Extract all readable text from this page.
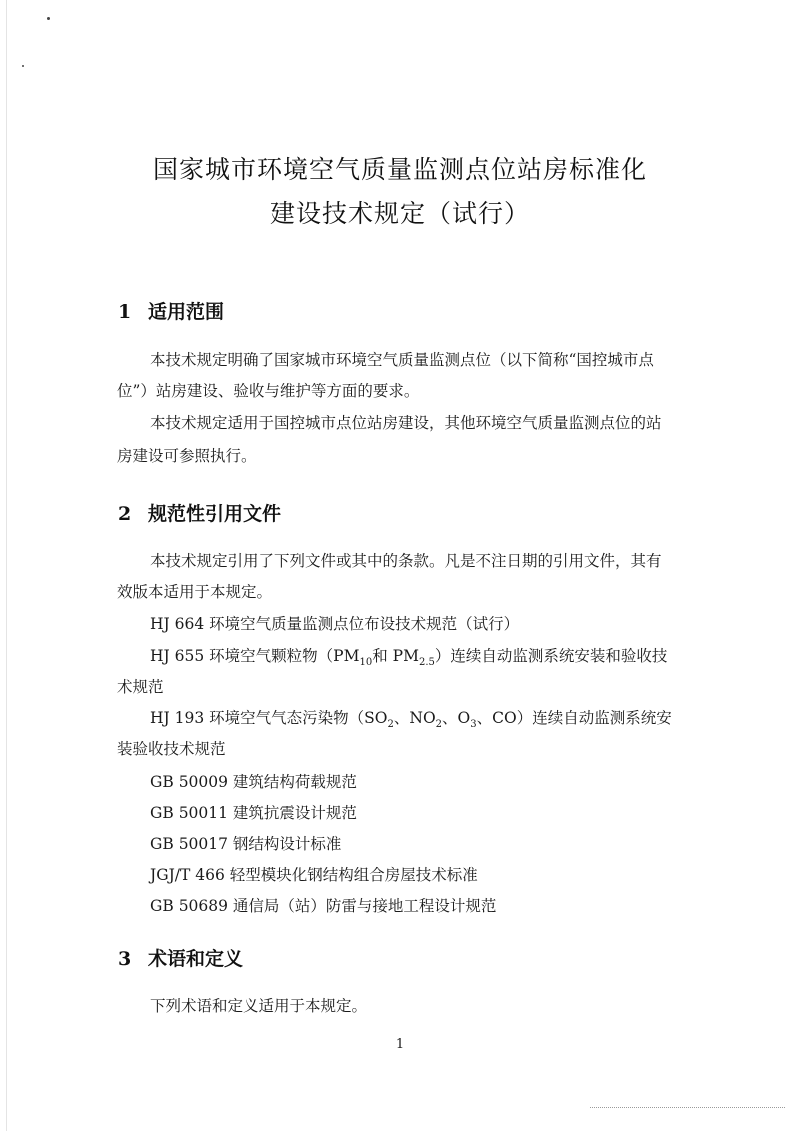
国家城市环境空气质量监测点位站房标准化
建设技术规定（试行）
1 适用范围
本技术规定明确了国家城市环境空气质量监测点位（以下简称“国控城市点
位”）站房建设、验收与维护等方面的要求。
本技术规定适用于国控城市点位站房建设，其他环境空气质量监测点位的站
房建设可参照执行。
2 规范性引用文件
本技术规定引用了下列文件或其中的条款。凡是不注日期的引用文件，其有
效版本适用于本规定。
HJ 664 环境空气质量监测点位布设技术规范（试行）
HJ 655 环境空气颗粒物（$PM_{10}$和 $PM_{2.5}$）连续自动监测系统安装和验收技
术规范
HJ 193 环境空气气态污染物（$SO_2$、$NO_2$、$O_3$、CO）连续自动监测系统安
装验收技术规范
GB 50009 建筑结构荷载规范
GB 50011 建筑抗震设计规范
GB 50017 钢结构设计标准
JGJ/T 466 轻型模块化钢结构组合房屋技术标准
GB 50689 通信局（站）防雷与接地工程设计规范
3 术语和定义
下列术语和定义适用于本规定。
1
